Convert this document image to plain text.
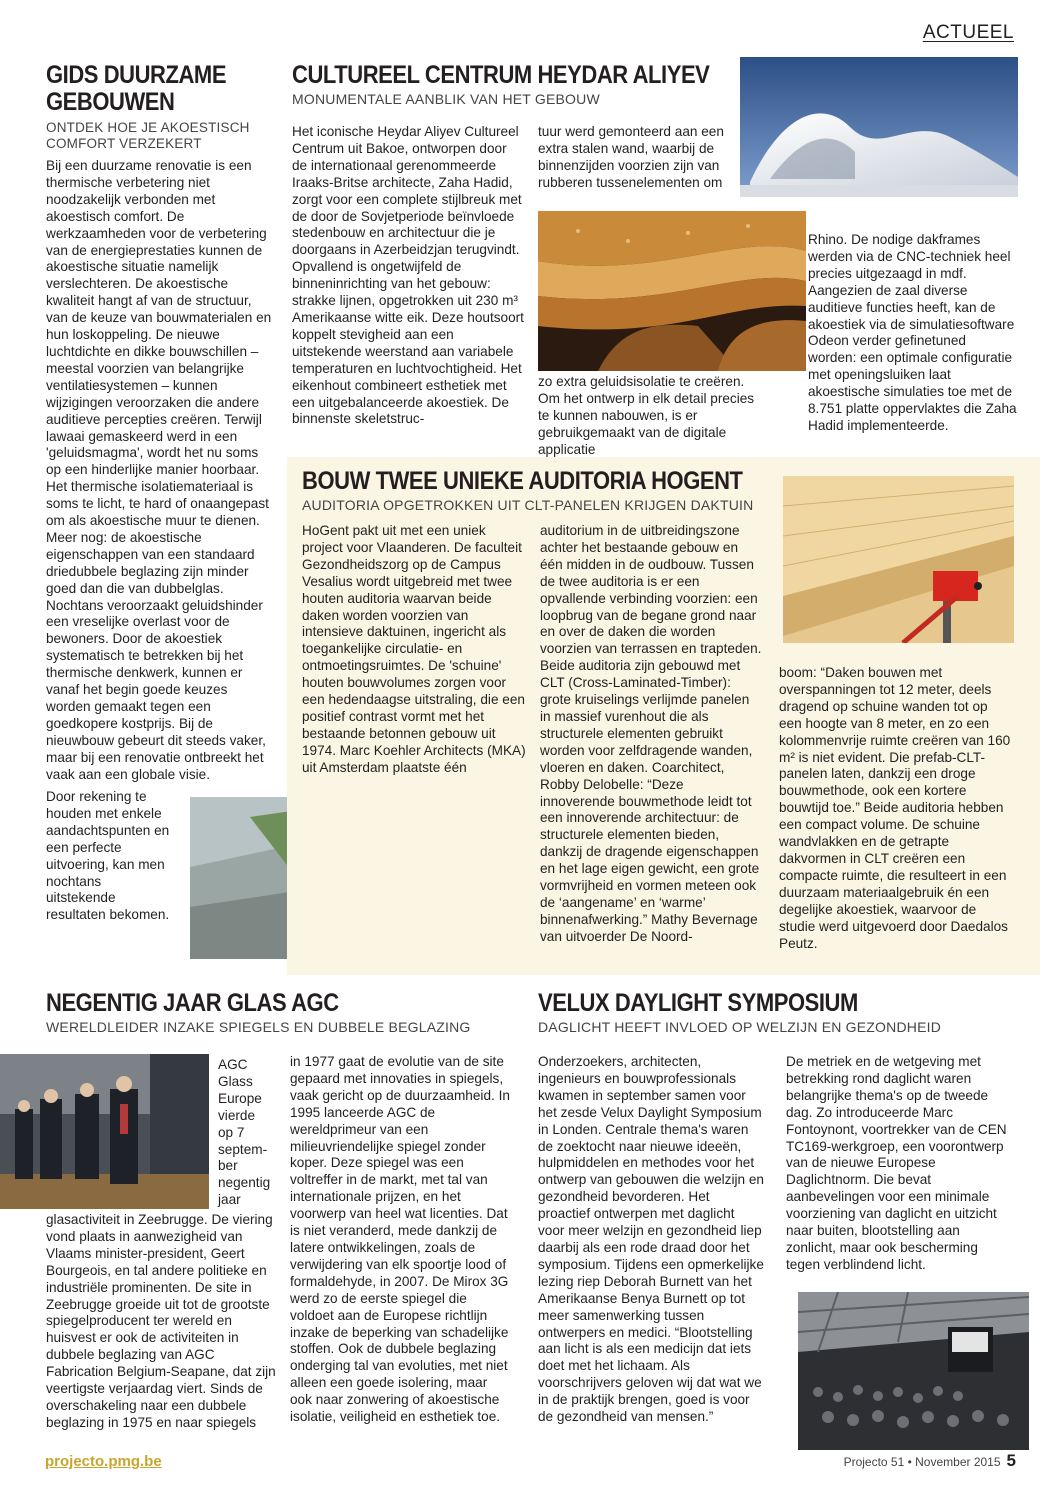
ACTUEEL
GIDS DUURZAME
GEBOUWEN
ONTDEK HOE JE AKOESTISCH
COMFORT VERZEKERT
Bij een duurzame renovatie is een thermische verbetering niet noodzakelijk verbonden met akoestisch comfort. De werkzaamheden voor de verbetering van de energieprestaties kunnen de akoestische situatie namelijk verslechteren. De akoestische kwaliteit hangt af van de structuur, van de keuze van bouwmaterialen en hun loskoppeling. De nieuwe luchtdichte en dikke bouwschillen – meestal voorzien van belangrijke ventilatiesystemen – kunnen wijzigingen veroorzaken die andere auditieve percepties creëren. Terwijl lawaai gemaskeerd werd in een 'geluidsmagma', wordt het nu soms op een hinderlijke manier hoorbaar. Het thermische isolatiemateriaal is soms te licht, te hard of onaangepast om als akoestische muur te dienen. Meer nog: de akoestische eigenschappen van een standaard driedubbele beglazing zijn minder goed dan die van dubbelglas. Nochtans veroorzaakt geluidshinder een vreselijke overlast voor de bewoners. Door de akoestiek systematisch te betrekken bij het thermische denkwerk, kunnen er vanaf het begin goede keuzes worden gemaakt tegen een goedkopere kostprijs. Bij de nieuwbouw gebeurt dit steeds vaker, maar bij een renovatie ontbreekt het vaak aan een globale visie.
Door rekening te houden met enkele aandachtspunten en een perfecte uitvoering, kan men nochtans uitstekende resultaten bekomen.
CULTUREEL CENTRUM HEYDAR ALIYEV
MONUMENTALE AANBLIK VAN HET GEBOUW
Het iconische Heydar Aliyev Cultureel Centrum uit Bakoe, ontworpen door de internationaal gerenommeerde Iraaks-Britse architecte, Zaha Hadid, zorgt voor een complete stijlbreuk met de door de Sovjetperiode beïnvloede stedenbouw en architectuur die je doorgaans in Azerbeidzjan terugvindt. Opvallend is ongetwijfeld de binneninrichting van het gebouw: strakke lijnen, opgetrokken uit 230 m³ Amerikaanse witte eik. Deze houtsoort koppelt stevigheid aan een uitstekende weerstand aan variabele temperaturen en luchtvochtigheid. Het eikenhout combineert esthetiek met een uitgebalanceerde akoestiek. De binnenste skeletstruc-
tuur werd gemonteerd aan een extra stalen wand, waarbij de binnenzijden voorzien zijn van rubberen tussenelementen om
zo extra geluidsisolatie te creëren. Om het ontwerp in elk detail precies te kunnen nabouwen, is er gebruikgemaakt van de digitale applicatie
Rhino. De nodige dakframes werden via de CNC-techniek heel precies uitgezaagd in mdf. Aangezien de zaal diverse auditieve functies heeft, kan de akoestiek via de simulatiesoftware Odeon verder gefinetuned worden: een optimale configuratie met openingsluiken laat akoestische simulaties toe met de 8.751 platte oppervlaktes die Zaha Hadid implementeerde.
BOUW TWEE UNIEKE AUDITORIA HOGENT
AUDITORIA OPGETROKKEN UIT CLT-PANELEN KRIJGEN DAKTUIN
HoGent pakt uit met een uniek project voor Vlaanderen. De faculteit Gezondheidszorg op de Campus Vesalius wordt uitgebreid met twee houten auditoria waarvan beide daken worden voorzien van intensieve daktuinen, ingericht als toegankelijke circulatie- en ontmoetingsruimtes. De 'schuine' houten bouwvolumes zorgen voor een hedendaagse uitstraling, die een positief contrast vormt met het bestaande betonnen gebouw uit 1974. Marc Koehler Architects (MKA) uit Amsterdam plaatste één
auditorium in de uitbreidingszone achter het bestaande gebouw en één midden in de oudbouw. Tussen de twee auditoria is er een opvallende verbinding voorzien: een loopbrug van de begane grond naar en over de daken die worden voorzien van terrassen en trapteden. Beide auditoria zijn gebouwd met CLT (Cross-Laminated-Timber): grote kruiselings verlijmde panelen in massief vurenhout die als structurele elementen gebruikt worden voor zelfdragende wanden, vloeren en daken. Coarchitect, Robby Delobelle: “Deze innoverende bouwmethode leidt tot een innoverende architectuur: de structurele elementen bieden, dankzij de dragende eigenschappen en het lage eigen gewicht, een grote vormvrijheid en vormen meteen ook de ‘aangename’ en ‘warme’ binnenafwerking.” Mathy Bevernage van uitvoerder De Noord-
boom: “Daken bouwen met overspanningen tot 12 meter, deels dragend op schuine wanden tot op een hoogte van 8 meter, en zo een kolommenvrije ruimte creëren van 160 m² is niet evident. Die prefab-CLT-panelen laten, dankzij een droge bouwmethode, ook een kortere bouwtijd toe.” Beide auditoria hebben een compact volume. De schuine wandvlakken en de getrapte dakvormen in CLT creëren een compacte ruimte, die resulteert in een duurzaam materiaalgebruik én een degelijke akoestiek, waarvoor de studie werd uitgevoerd door Daedalos Peutz.
NEGENTIG JAAR GLAS AGC
WERELDLEIDER INZAKE SPIEGELS EN DUBBELE BEGLAZING
AGC
Glass
Europe
vierde
op 7
septem-
ber
negentig
jaar
glasactiviteit in Zeebrugge. De viering vond plaats in aanwezigheid van Vlaams minister-president, Geert Bourgeois, en tal andere politieke en industriële prominenten. De site in Zeebrugge groeide uit tot de grootste spiegelproducent ter wereld en huisvest er ook de activiteiten in dubbele beglazing van AGC Fabrication Belgium-Seapane, dat zijn veertigste verjaardag viert. Sinds de overschakeling naar een dubbele beglazing in 1975 en naar spiegels
in 1977 gaat de evolutie van de site gepaard met innovaties in spiegels, vaak gericht op de duurzaamheid. In 1995 lanceerde AGC de wereldprimeur van een milieuvriendelijke spiegel zonder koper. Deze spiegel was een voltreffer in de markt, met tal van internationale prijzen, en het voorwerp van heel wat licenties. Dat is niet veranderd, mede dankzij de latere ontwikkelingen, zoals de verwijdering van elk spoortje lood of formaldehyde, in 2007. De Mirox 3G werd zo de eerste spiegel die voldoet aan de Europese richtlijn inzake de beperking van schadelijke stoffen. Ook de dubbele beglazing onderging tal van evoluties, met niet alleen een goede isolering, maar ook naar zonwering of akoestische isolatie, veiligheid en esthetiek toe.
VELUX DAYLIGHT SYMPOSIUM
DAGLICHT HEEFT INVLOED OP WELZIJN EN GEZONDHEID
Onderzoekers, architecten, ingenieurs en bouwprofessionals kwamen in september samen voor het zesde Velux Daylight Symposium in Londen. Centrale thema's waren de zoektocht naar nieuwe ideeën, hulpmiddelen en methodes voor het ontwerp van gebouwen die welzijn en gezondheid bevorderen. Het proactief ontwerpen met daglicht voor meer welzijn en gezondheid liep daarbij als een rode draad door het symposium. Tijdens een opmerkelijke lezing riep Deborah Burnett van het Amerikaanse Benya Burnett op tot meer samenwerking tussen ontwerpers en medici. “Blootstelling aan licht is als een medicijn dat iets doet met het lichaam. Als voorschrijvers geloven wij dat wat we in de praktijk brengen, goed is voor de gezondheid van mensen.”
De metriek en de wetgeving met betrekking rond daglicht waren belangrijke thema's op de tweede dag. Zo introduceerde Marc Fontoynont, voortrekker van de CEN TC169-werkgroep, een voorontwerp van de nieuwe Europese Daglichtnorm. Die bevat aanbevelingen voor een minimale voorziening van daglicht en uitzicht naar buiten, blootstelling aan zonlicht, maar ook bescherming tegen verblindend licht.
projecto.pmg.be	Projecto 51 • November 2015 5
